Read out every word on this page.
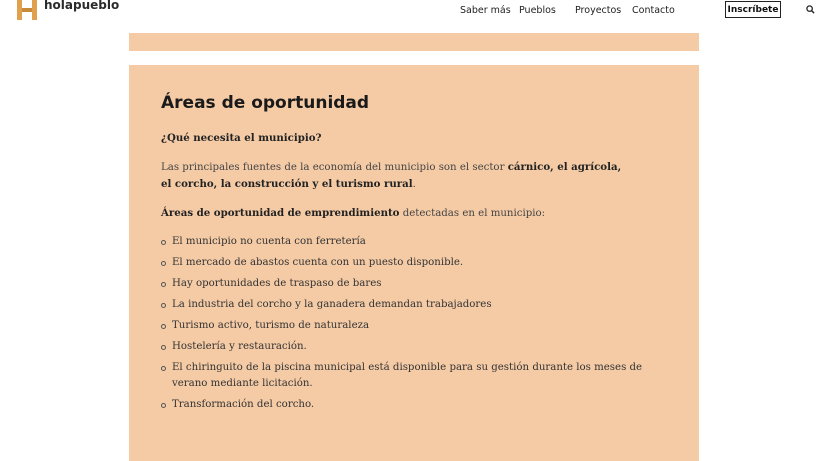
holapueblo	Saber más Pueblos Proyectos Contacto	Inscríbete
Áreas de oportunidad

¿Qué necesita el municipio?

Las principales fuentes de la economía del municipio son el sector cárnico, el agrícola, el corcho, la construcción y el turismo rural.

Áreas de oportunidad de emprendimiento detectadas en el municipio:

El municipio no cuenta con ferretería
El mercado de abastos cuenta con un puesto disponible.
Hay oportunidades de traspaso de bares
La industria del corcho y la ganadera demandan trabajadores
Turismo activo, turismo de naturaleza
Hostelería y restauración.
El chiringuito de la piscina municipal está disponible para su gestión durante los meses de verano mediante licitación.
Transformación del corcho.
